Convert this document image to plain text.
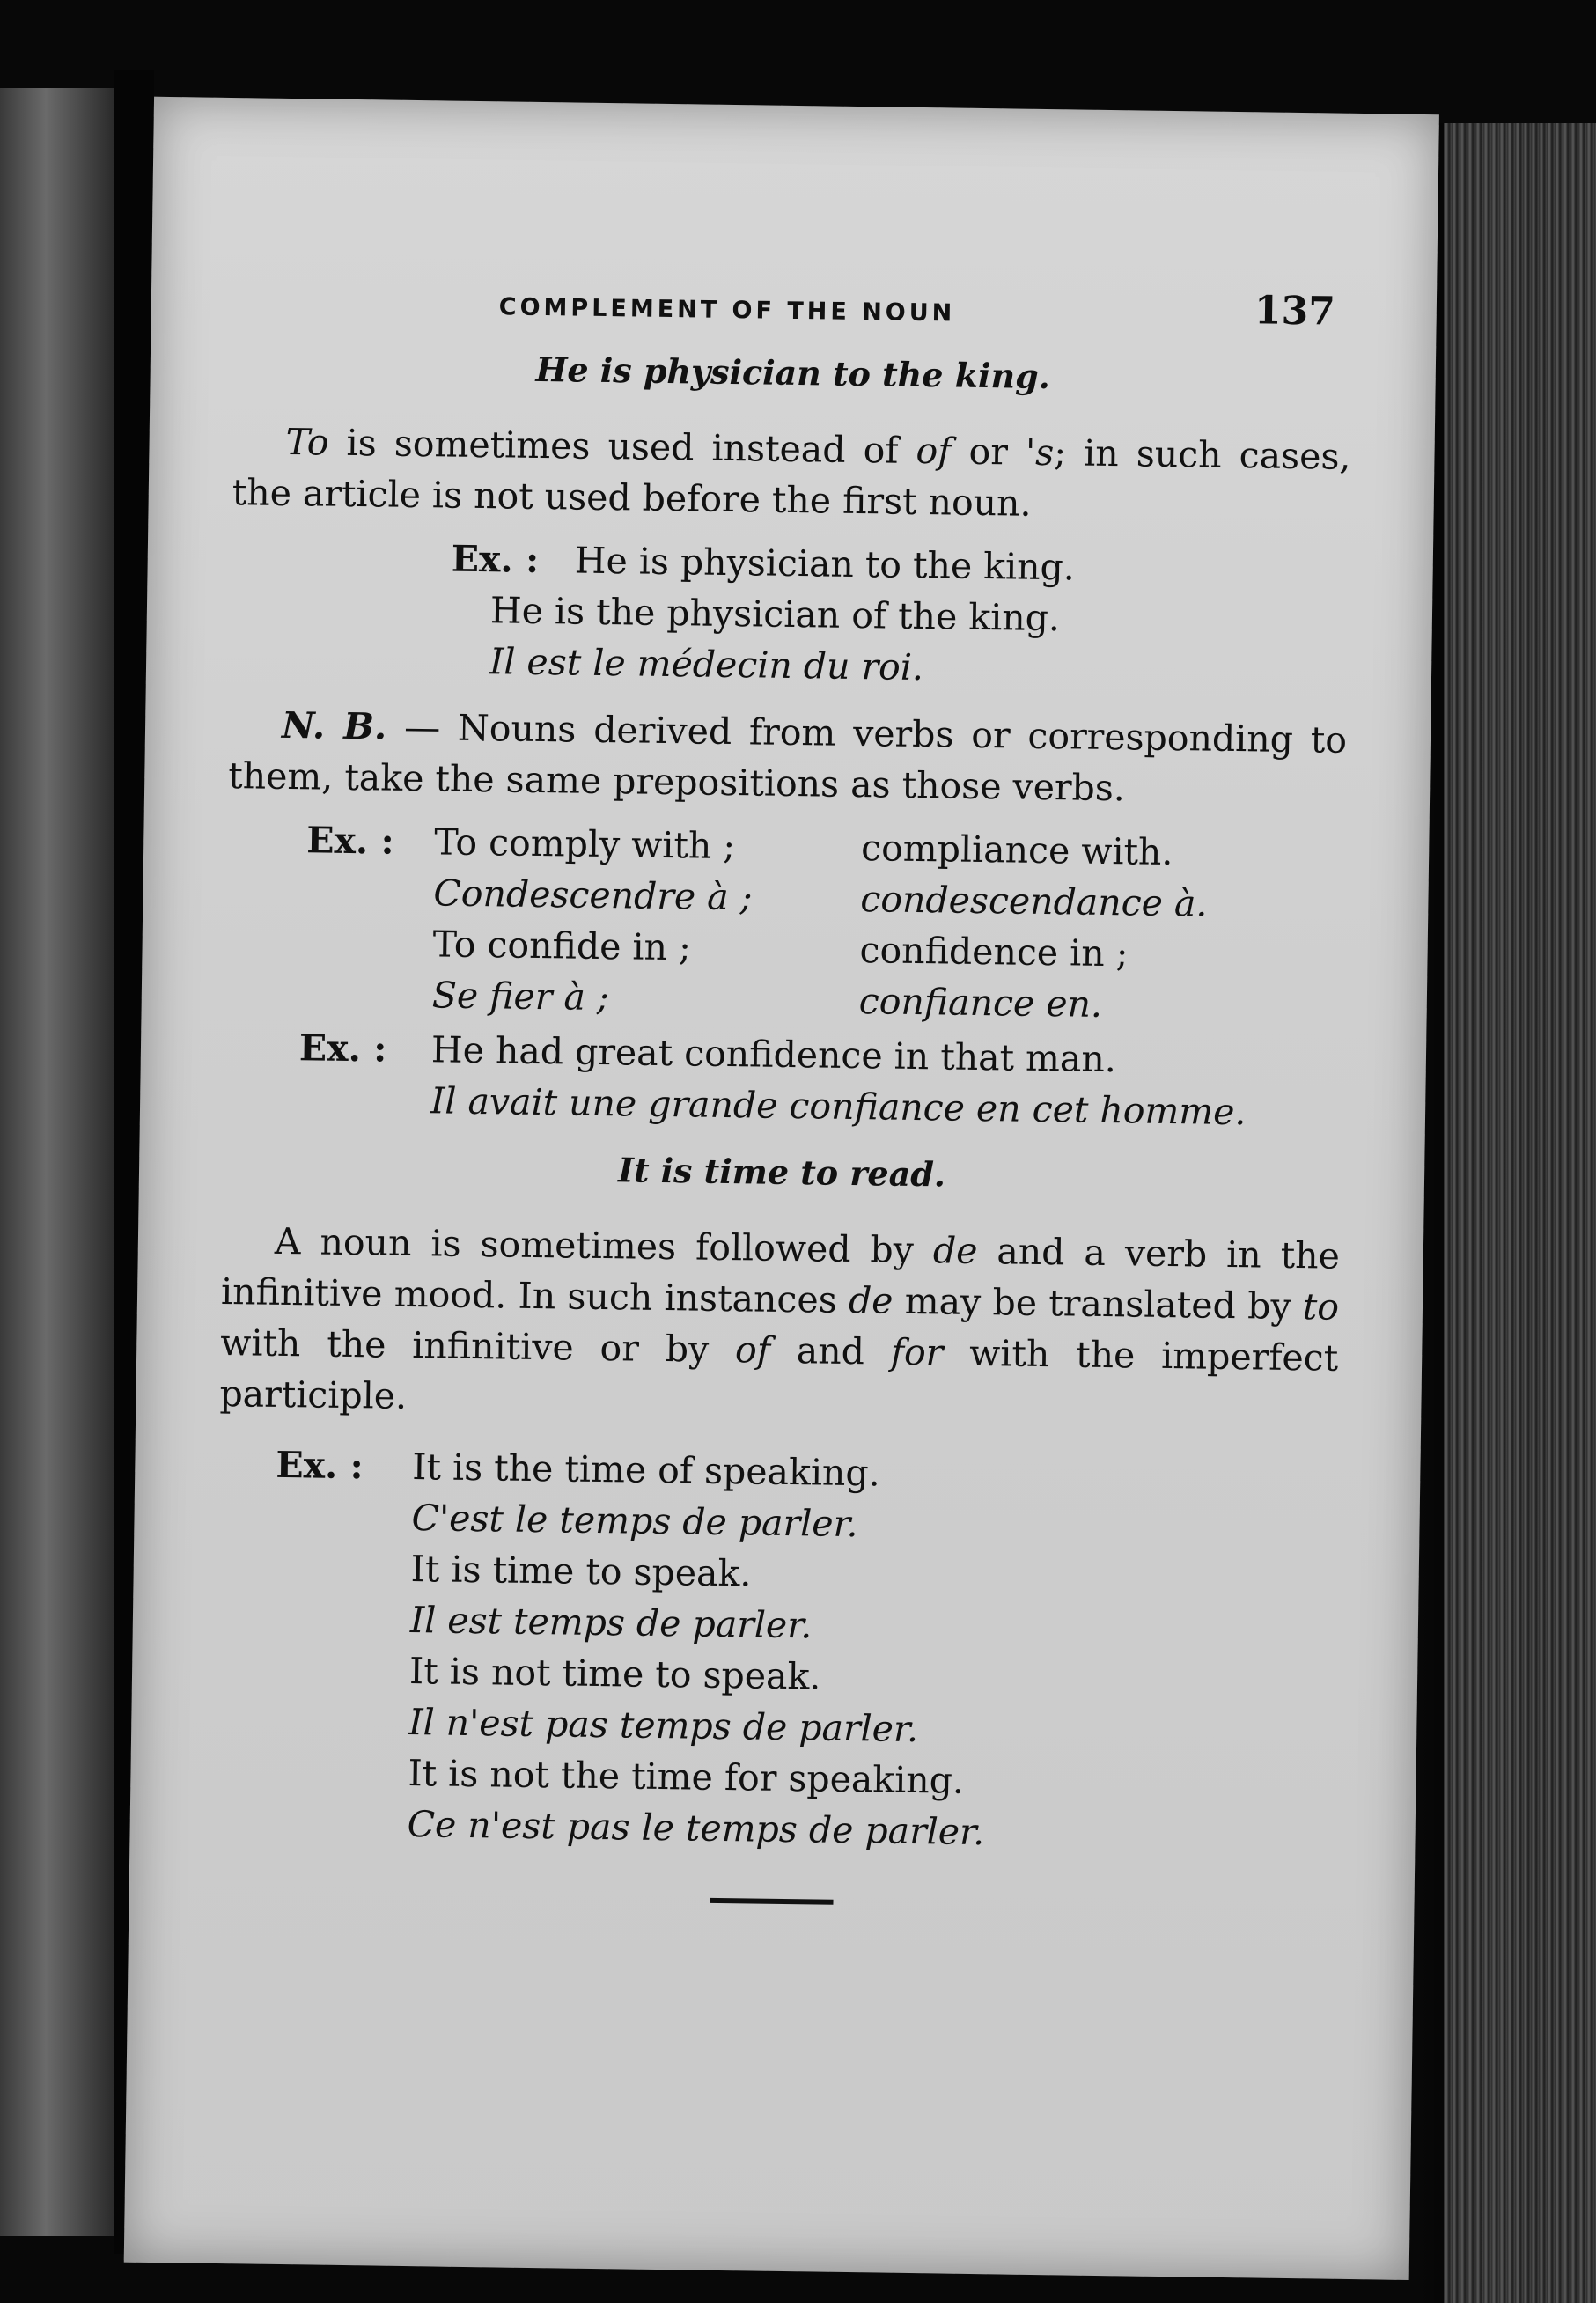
COMPLEMENT OF THE NOUN	137
He is physician to the king.

To is sometimes used instead of of or 's; in such cases, the article is not used before the first noun.

Ex. : He is physician to the king.
He is the physician of the king.
Il est le médecin du roi.

N. B. — Nouns derived from verbs or corresponding to them, take the same prepositions as those verbs.

Ex. : To comply with ;	compliance with.
Condescendre à ;	condescendance à.
To confide in ;	confidence in ;
Se fier à ;	confiance en.
Ex. : He had great confidence in that man.
Il avait une grande confiance en cet homme.
It is time to read.

A noun is sometimes followed by de and a verb in the infinitive mood. In such instances de may be translated by to with the infinitive or by of and for with the imperfect participle.

Ex. : It is the time of speaking.
C'est le temps de parler.
It is time to speak.
Il est temps de parler.
It is not time to speak.
Il n'est pas temps de parler.
It is not the time for speaking.
Ce n'est pas le temps de parler.
